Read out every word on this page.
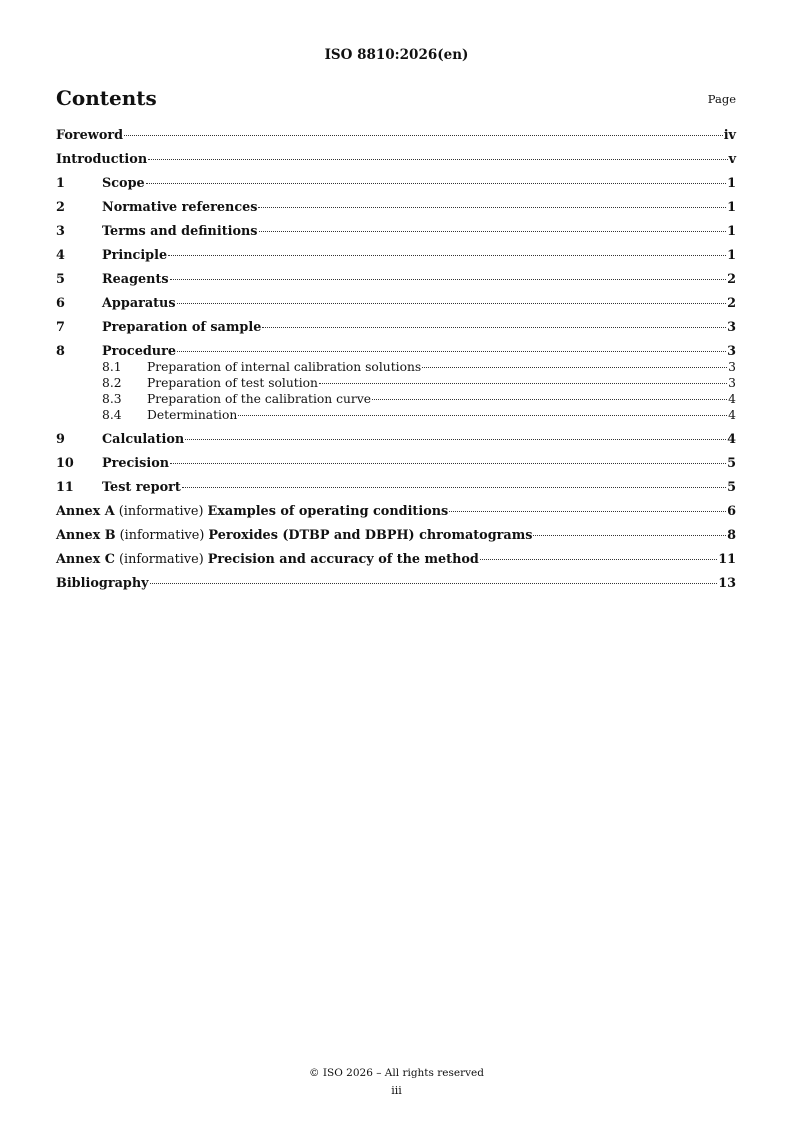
ISO 8810:2026(en)
Contents	Page
Foreword	iv
Introduction	v
1	Scope	1
2	Normative references	1
3	Terms and definitions	1
4	Principle	1
5	Reagents	2
6	Apparatus	2
7	Preparation of sample	3
8	Procedure	3
8.1	Preparation of internal calibration solutions	3
8.2	Preparation of test solution	3
8.3	Preparation of the calibration curve	4
8.4	Determination	4
9	Calculation	4
10	Precision	5
11	Test report	5
Annex A (informative) Examples of operating conditions	6
Annex B (informative) Peroxides (DTBP and DBPH) chromatograms	8
Annex C (informative) Precision and accuracy of the method	11
Bibliography	13
© ISO 2026 – All rights reserved
iii
